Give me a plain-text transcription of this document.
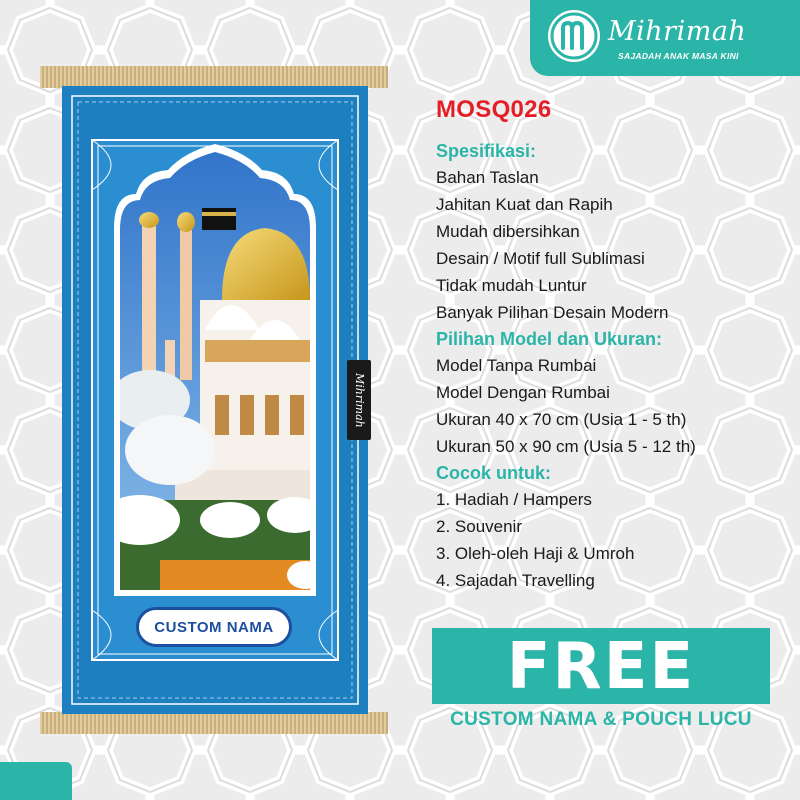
Mihrimah
SAJADAH ANAK MASA KINI
Mihrimah
CUSTOM NAMA
MOSQ026
Spesifikasi:
Bahan Taslan
Jahitan Kuat dan Rapih
Mudah dibersihkan
Desain / Motif full Sublimasi
Tidak mudah Luntur
Banyak Pilihan Desain Modern
Pilihan Model dan Ukuran:
Model Tanpa Rumbai
Model Dengan Rumbai
Ukuran 40 x 70 cm (Usia 1 - 5 th)
Ukuran 50 x 90 cm (Usia 5 - 12 th)
Cocok untuk:
1. Hadiah / Hampers
2. Souvenir
3. Oleh-oleh Haji & Umroh
4. Sajadah Travelling
FREE
CUSTOM NAMA & POUCH LUCU
